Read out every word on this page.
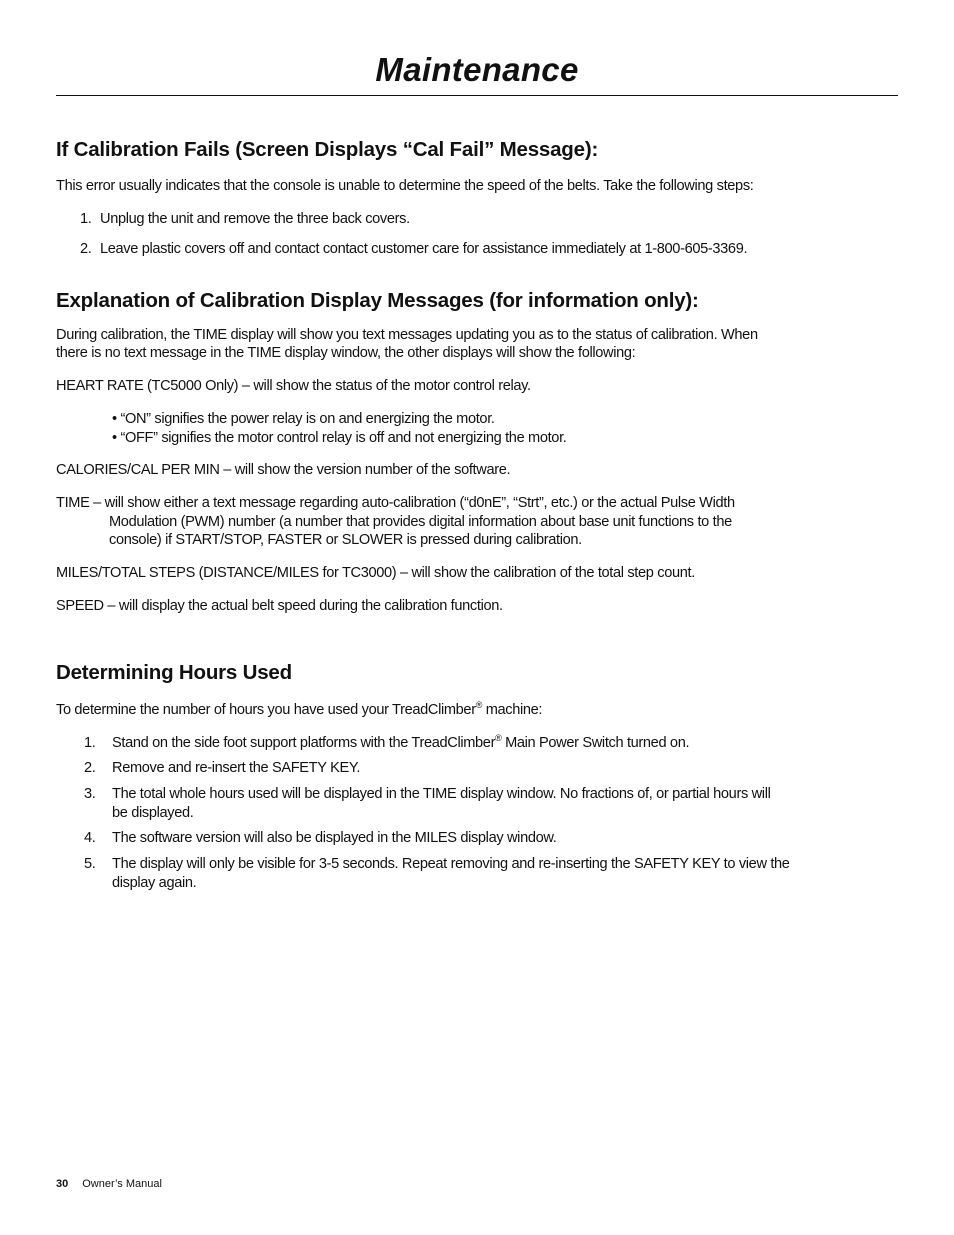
Maintenance
If Calibration Fails (Screen Displays “Cal Fail” Message):

This error usually indicates that the console is unable to determine the speed of the belts. Take the following steps:

1. Unplug the unit and remove the three back covers.

2. Leave plastic covers off and contact contact customer care for assistance immediately at 1-800-605-3369.

Explanation of Calibration Display Messages (for information only):

During calibration, the TIME display will show you text messages updating you as to the status of calibration. When

there is no text message in the TIME display window, the other displays will show the following:

HEART RATE (TC5000 Only) – will show the status of the motor control relay.

• “ON” signifies the power relay is on and energizing the motor.

• “OFF” signifies the motor control relay is off and not energizing the motor.

CALORIES/CAL PER MIN – will show the version number of the software.

TIME – will show either a text message regarding auto-calibration (“d0nE”, “Strt”, etc.) or the actual Pulse Width

Modulation (PWM) number (a number that provides digital information about base unit functions to the

console) if START/STOP, FASTER or SLOWER is pressed during calibration.

MILES/TOTAL STEPS (DISTANCE/MILES for TC3000) – will show the calibration of the total step count.

SPEED – will display the actual belt speed during the calibration function.

Determining Hours Used

To determine the number of hours you have used your TreadClimber® machine:

1. Stand on the side foot support platforms with the TreadClimber® Main Power Switch turned on.

2. Remove and re-insert the SAFETY KEY.

3. The total whole hours used will be displayed in the TIME display window. No fractions of, or partial hours will

be displayed.

4. The software version will also be displayed in the MILES display window.

5. The display will only be visible for 3-5 seconds. Repeat removing and re-inserting the SAFETY KEY to view the

display again.

30 Owner’s Manual
